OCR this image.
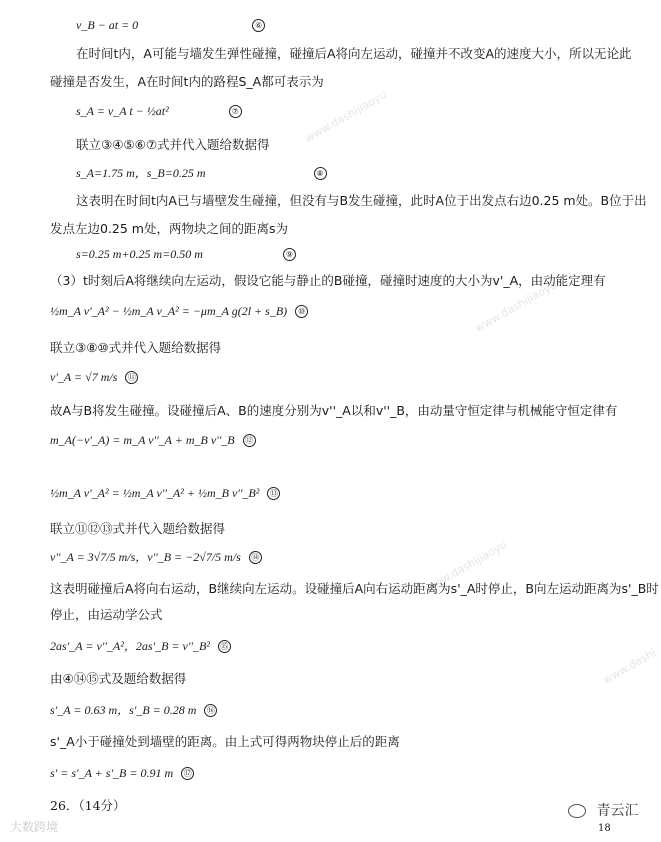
www.dashijiaoyu
www.dashijiaoyu
www.dashijiaoyu
www.dashi
v_B − at = 0	⑥
在时间t内，A可能与墙发生弹性碰撞，碰撞后A将向左运动，碰撞并不改变A的速度大小，所以无论此
碰撞是否发生，A在时间t内的路程S_A都可表示为
s_A = v_A t − ½at²	⑦
联立③④⑤⑥⑦式并代入题给数据得
s_A=1.75 m，s_B=0.25 m	⑧
这表明在时间t内A已与墙壁发生碰撞，但没有与B发生碰撞，此时A位于出发点右边0.25 m处。B位于出
发点左边0.25 m处，两物块之间的距离s为
s=0.25 m+0.25 m=0.50 m	⑨
（3）t时刻后A将继续向左运动，假设它能与静止的B碰撞，碰撞时速度的大小为v'_A，由动能定理有
½m_A v'_A² − ½m_A v_A² = −μm_A g(2l + s_B) ⑩
联立③⑧⑩式并代入题给数据得
v'_A = √7 m/s ⑪
故A与B将发生碰撞。设碰撞后A、B的速度分别为v''_A以和v''_B，由动量守恒定律与机械能守恒定律有
m_A(−v'_A) = m_A v''_A + m_B v''_B ⑫
½m_A v'_A² = ½m_A v''_A² + ½m_B v''_B² ⑬
联立⑪⑫⑬式并代入题给数据得
v''_A = 3√7/5 m/s，v''_B = −2√7/5 m/s ⑭
这表明碰撞后A将向右运动，B继续向左运动。设碰撞后A向右运动距离为s'_A时停止，B向左运动距离为s'_B时
停止，由运动学公式
2as'_A = v''_A²，2as'_B = v''_B² ⑮
由④⑭⑮式及题给数据得
s'_A = 0.63 m，s'_B = 0.28 m ⑯
s'_A小于碰撞处到墙壁的距离。由上式可得两物块停止后的距离
s' = s'_A + s'_B = 0.91 m ⑰
26．（14分）
大数跨境
青云汇
18
